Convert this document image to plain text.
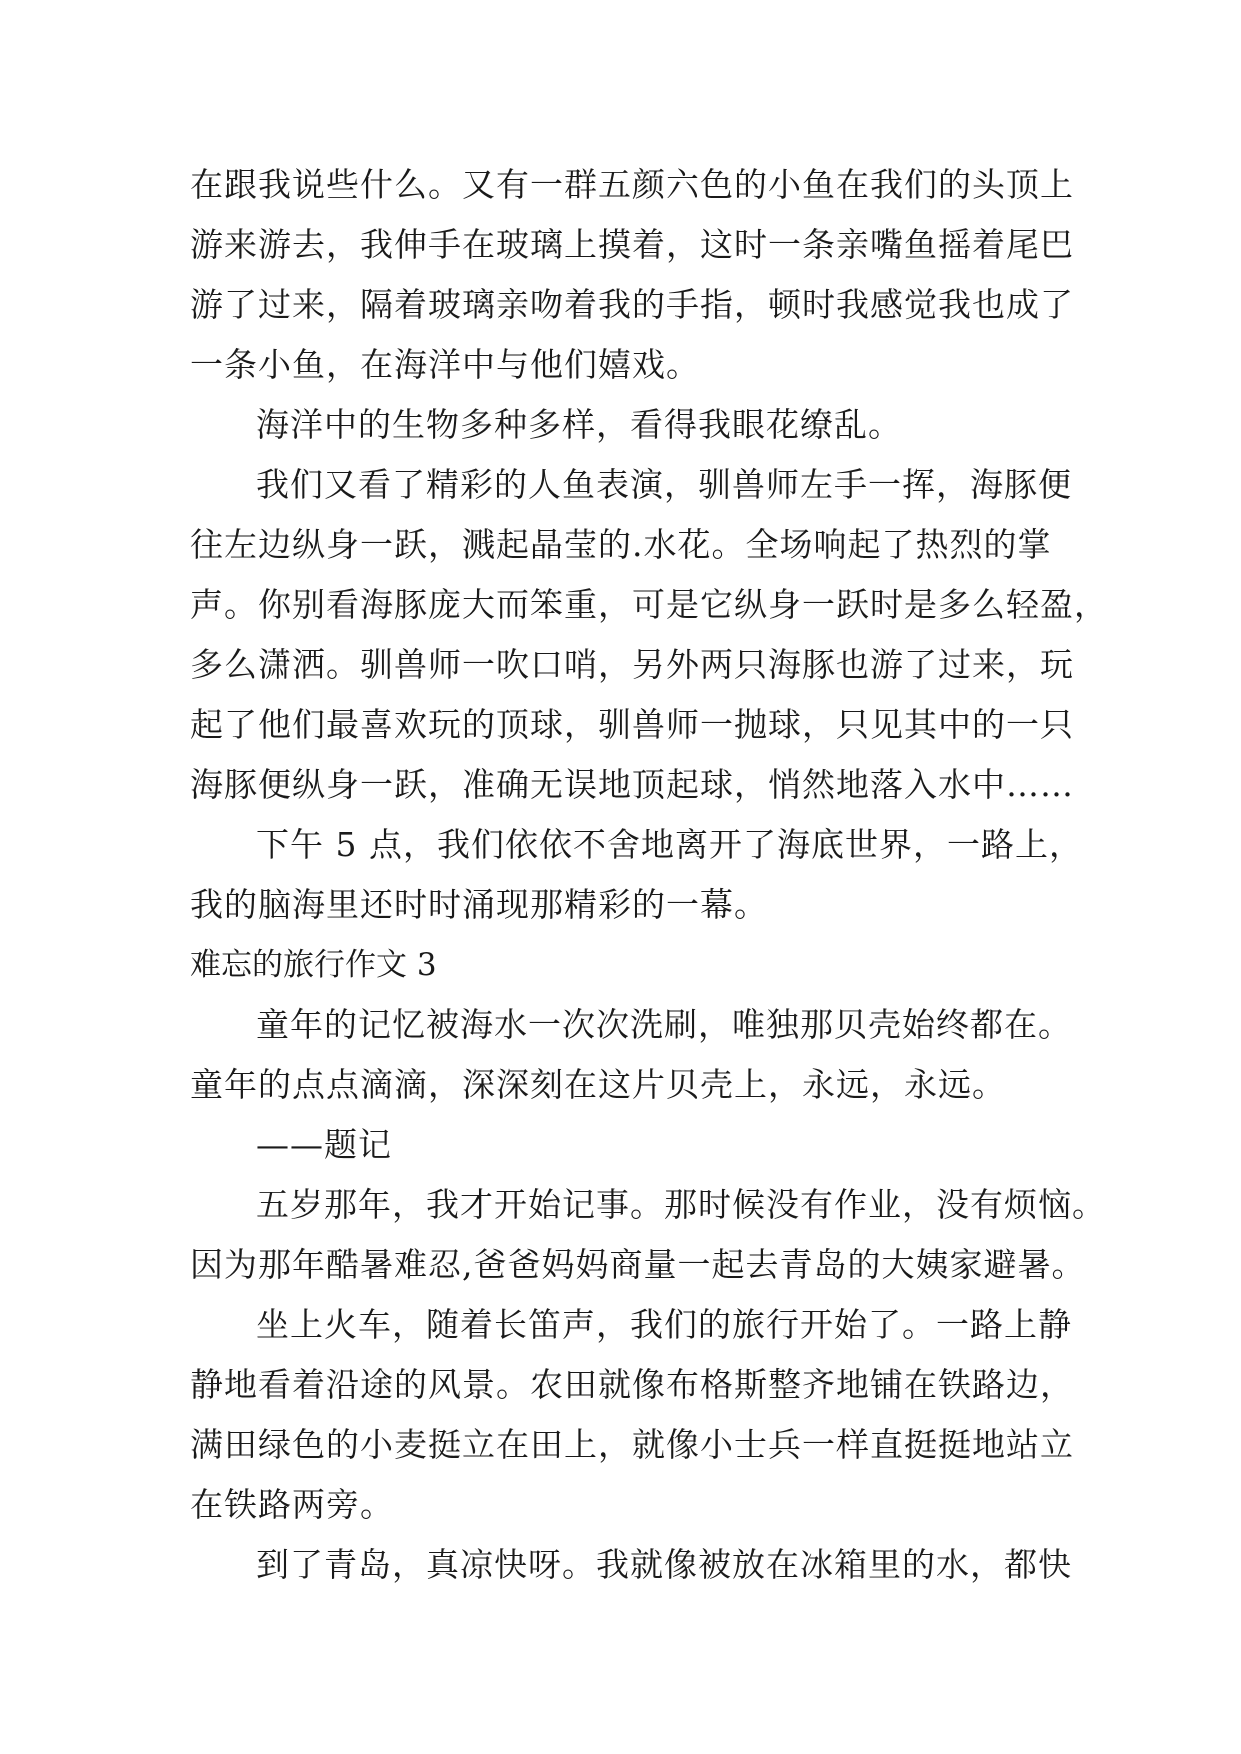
在跟我说些什么。又有一群五颜六色的小鱼在我们的头顶上
游来游去，我伸手在玻璃上摸着，这时一条亲嘴鱼摇着尾巴
游了过来，隔着玻璃亲吻着我的手指，顿时我感觉我也成了
一条小鱼，在海洋中与他们嬉戏。
海洋中的生物多种多样，看得我眼花缭乱。
我们又看了精彩的人鱼表演，驯兽师左手一挥，海豚便
往左边纵身一跃，溅起晶莹的.水花。全场响起了热烈的掌
声。你别看海豚庞大而笨重，可是它纵身一跃时是多么轻盈，
多么潇洒。驯兽师一吹口哨，另外两只海豚也游了过来，玩
起了他们最喜欢玩的顶球，驯兽师一抛球，只见其中的一只
海豚便纵身一跃，准确无误地顶起球，悄然地落入水中……
下午 5 点，我们依依不舍地离开了海底世界，一路上，
我的脑海里还时时涌现那精彩的一幕。
难忘的旅行作文 3
童年的记忆被海水一次次洗刷，唯独那贝壳始终都在。
童年的点点滴滴，深深刻在这片贝壳上，永远，永远。
——题记
五岁那年，我才开始记事。那时候没有作业，没有烦恼。
因为那年酷暑难忍,爸爸妈妈商量一起去青岛的大姨家避暑。
坐上火车，随着长笛声，我们的旅行开始了。一路上静
静地看着沿途的风景。农田就像布格斯整齐地铺在铁路边，
满田绿色的小麦挺立在田上，就像小士兵一样直挺挺地站立
在铁路两旁。
到了青岛，真凉快呀。我就像被放在冰箱里的水，都快
